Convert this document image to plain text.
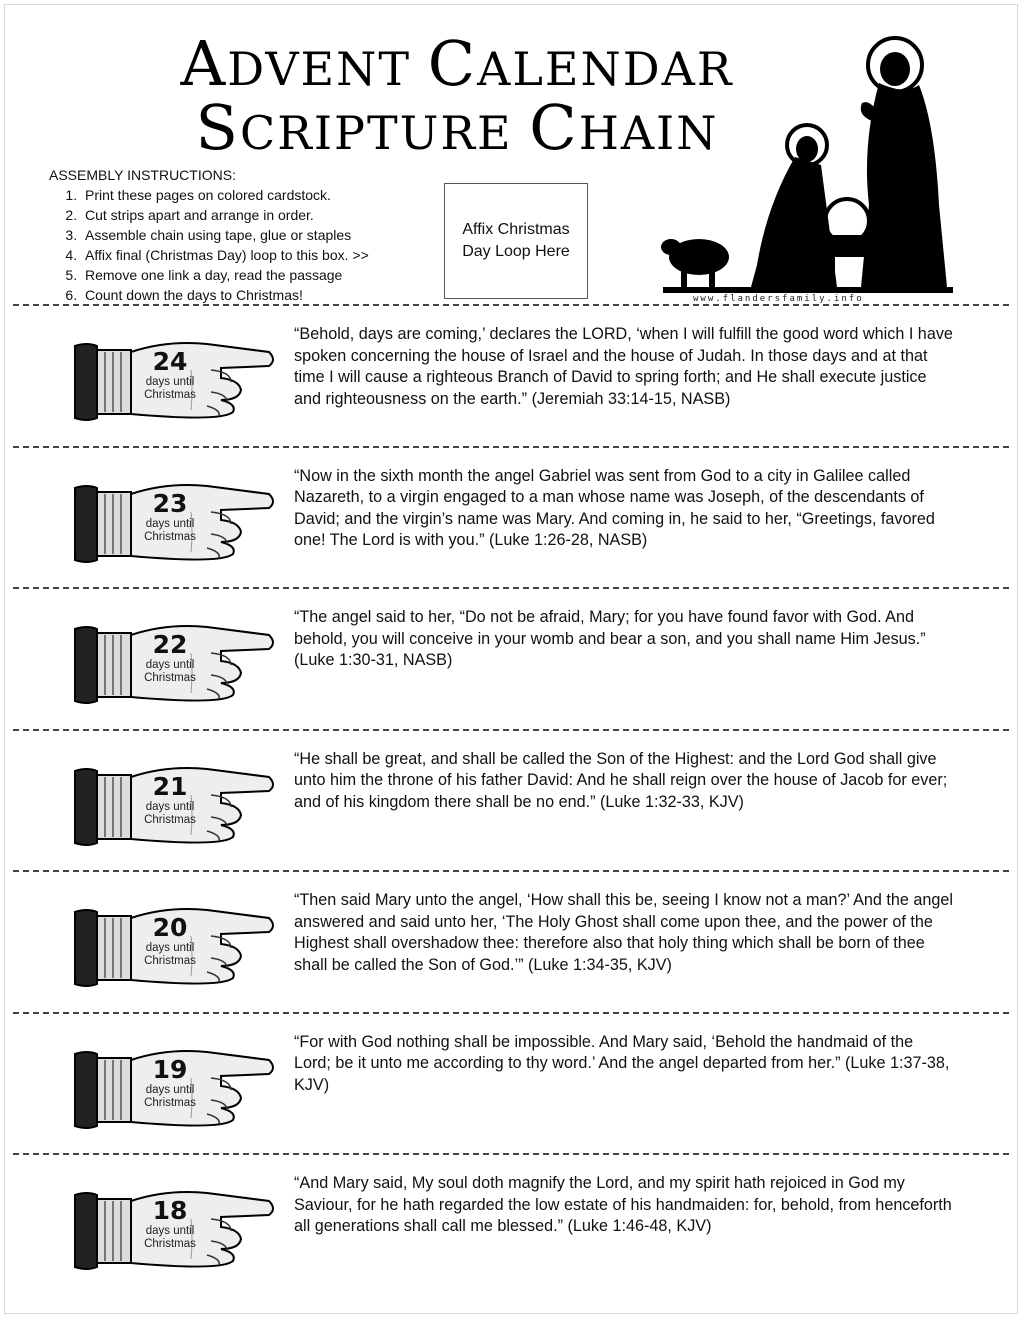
ADVENT CALENDAR
SCRIPTURE CHAIN
ASSEMBLY INSTRUCTIONS:
1. Print these pages on colored cardstock.
2. Cut strips apart and arrange in order.
3. Assemble chain using tape, glue or staples
4. Affix final (Christmas Day) loop to this box. >>
5. Remove one link a day, read the passage
6. Count down the days to Christmas!
Affix Christmas Day Loop Here
www.flandersfamily.info
24
days until Christmas

“Behold, days are coming,’ declares the LORD, ‘when I will fulfill the good word which I have spoken concerning the house of Israel and the house of Judah. In those days and at that time I will cause a righteous Branch of David to spring forth; and He shall execute justice and righteousness on the earth.” (Jeremiah 33:14-15, NASB)

23
days until Christmas

“Now in the sixth month the angel Gabriel was sent from God to a city in Galilee called Nazareth, to a virgin engaged to a man whose name was Joseph, of the descendants of David; and the virgin’s name was Mary. And coming in, he said to her, “Greetings, favored one! The Lord is with you.” (Luke 1:26-28, NASB)

22
days until Christmas

“The angel said to her, “Do not be afraid, Mary; for you have found favor with God. And behold, you will conceive in your womb and bear a son, and you shall name Him Jesus.” (Luke 1:30-31, NASB)

21
days until Christmas

“He shall be great, and shall be called the Son of the Highest: and the Lord God shall give unto him the throne of his father David: And he shall reign over the house of Jacob for ever; and of his kingdom there shall be no end.” (Luke 1:32-33, KJV)

20
days until Christmas

“Then said Mary unto the angel, ‘How shall this be, seeing I know not a man?’ And the angel answered and said unto her, ‘The Holy Ghost shall come upon thee, and the power of the Highest shall overshadow thee: therefore also that holy thing which shall be born of thee shall be called the Son of God.’” (Luke 1:34-35, KJV)

19
days until Christmas

“For with God nothing shall be impossible. And Mary said, ‘Behold the handmaid of the Lord; be it unto me according to thy word.’ And the angel departed from her.” (Luke 1:37-38, KJV)

18
days until Christmas

“And Mary said, My soul doth magnify the Lord, and my spirit hath rejoiced in God my Saviour, for he hath regarded the low estate of his handmaiden: for, behold, from henceforth all generations shall call me blessed.” (Luke 1:46-48, KJV)
